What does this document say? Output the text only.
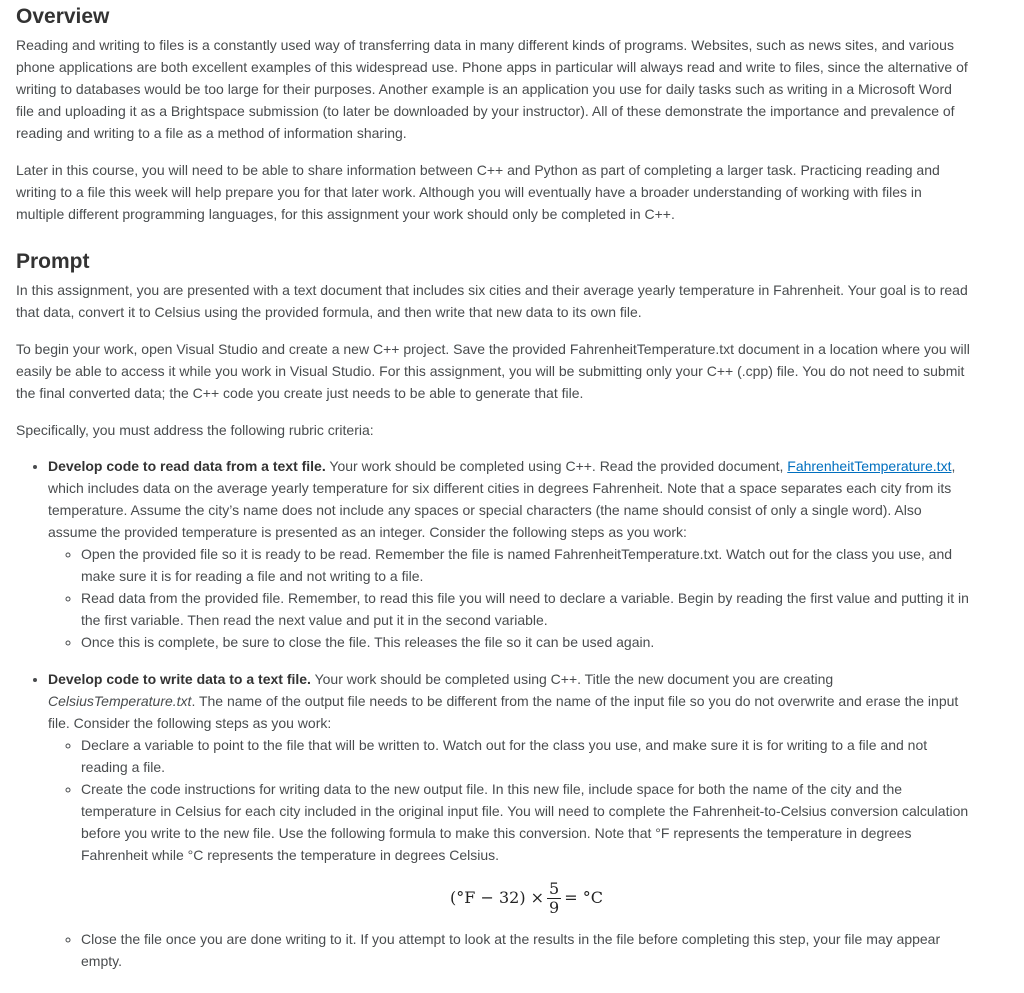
Overview

Reading and writing to files is a constantly used way of transferring data in many different kinds of programs. Websites, such as news sites, and various phone applications are both excellent examples of this widespread use. Phone apps in particular will always read and write to files, since the alternative of writing to databases would be too large for their purposes. Another example is an application you use for daily tasks such as writing in a Microsoft Word file and uploading it as a Brightspace submission (to later be downloaded by your instructor). All of these demonstrate the importance and prevalence of reading and writing to a file as a method of information sharing.

Later in this course, you will need to be able to share information between C++ and Python as part of completing a larger task. Practicing reading and writing to a file this week will help prepare you for that later work. Although you will eventually have a broader understanding of working with files in multiple different programming languages, for this assignment your work should only be completed in C++.

Prompt

In this assignment, you are presented with a text document that includes six cities and their average yearly temperature in Fahrenheit. Your goal is to read that data, convert it to Celsius using the provided formula, and then write that new data to its own file.

To begin your work, open Visual Studio and create a new C++ project. Save the provided FahrenheitTemperature.txt document in a location where you will easily be able to access it while you work in Visual Studio. For this assignment, you will be submitting only your C++ (.cpp) file. You do not need to submit the final converted data; the C++ code you create just needs to be able to generate that file.

Specifically, you must address the following rubric criteria:

• Develop code to read data from a text file. Your work should be completed using C++. Read the provided document, FahrenheitTemperature.txt, which includes data on the average yearly temperature for six different cities in degrees Fahrenheit. Note that a space separates each city from its temperature. Assume the city’s name does not include any spaces or special characters (the name should consist of only a single word). Also assume the provided temperature is presented as an integer. Consider the following steps as you work:
◦ Open the provided file so it is ready to be read. Remember the file is named FahrenheitTemperature.txt. Watch out for the class you use, and make sure it is for reading a file and not writing to a file.
◦ Read data from the provided file. Remember, to read this file you will need to declare a variable. Begin by reading the first value and putting it in the first variable. Then read the next value and put it in the second variable.
◦ Once this is complete, be sure to close the file. This releases the file so it can be used again.
• Develop code to write data to a text file. Your work should be completed using C++. Title the new document you are creating CelsiusTemperature.txt. The name of the output file needs to be different from the name of the input file so you do not overwrite and erase the input file. Consider the following steps as you work:
◦ Declare a variable to point to the file that will be written to. Watch out for the class you use, and make sure it is for writing to a file and not reading a file.
◦ Create the code instructions for writing data to the new output file. In this new file, include space for both the name of the city and the temperature in Celsius for each city included in the original input file. You will need to complete the Fahrenheit-to-Celsius conversion calculation before you write to the new file. Use the following formula to make this conversion. Note that °F represents the temperature in degrees Fahrenheit while °C represents the temperature in degrees Celsius.
$(^\circ F - 32) \times \frac{5}{9} = ^\circ C$
◦ Close the file once you are done writing to it. If you attempt to look at the results in the file before completing this step, your file may appear empty.
